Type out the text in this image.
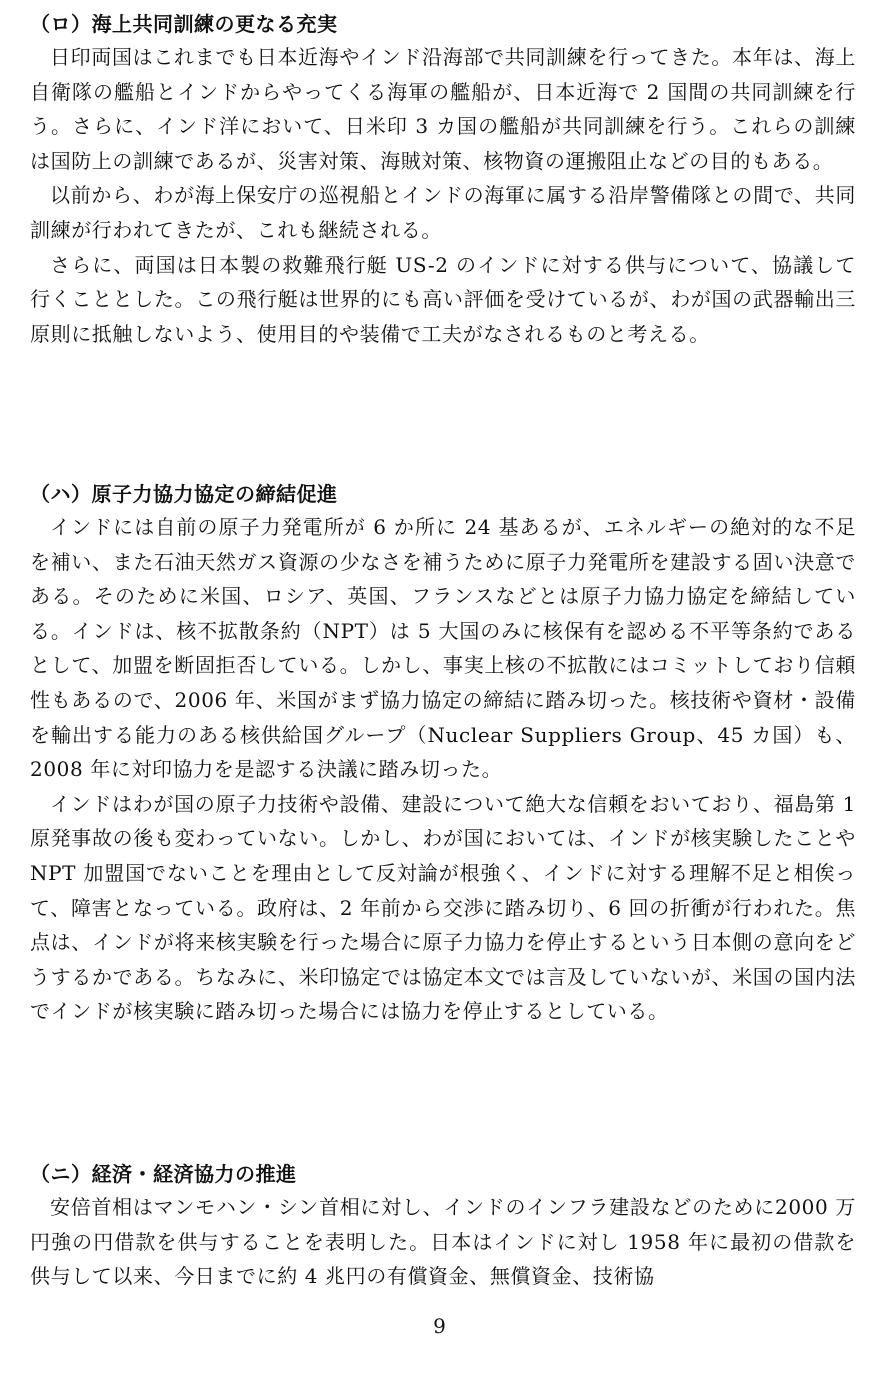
（ロ）海上共同訓練の更なる充実

日印両国はこれまでも日本近海やインド沿海部で共同訓練を行ってきた。本年は、海上自衛隊の艦船とインドからやってくる海軍の艦船が、日本近海で 2 国間の共同訓練を行う。さらに、インド洋において、日米印 3 カ国の艦船が共同訓練を行う。これらの訓練は国防上の訓練であるが、災害対策、海賊対策、核物資の運搬阻止などの目的もある。

以前から、わが海上保安庁の巡視船とインドの海軍に属する沿岸警備隊との間で、共同訓練が行われてきたが、これも継続される。

さらに、両国は日本製の救難飛行艇 US-2 のインドに対する供与について、協議して行くこととした。この飛行艇は世界的にも高い評価を受けているが、わが国の武器輸出三原則に抵触しないよう、使用目的や装備で工夫がなされるものと考える。

（ハ）原子力協力協定の締結促進

インドには自前の原子力発電所が 6 か所に 24 基あるが、エネルギーの絶対的な不足を補い、また石油天然ガス資源の少なさを補うために原子力発電所を建設する固い決意である。そのために米国、ロシア、英国、フランスなどとは原子力協力協定を締結している。インドは、核不拡散条約（NPT）は 5 大国のみに核保有を認める不平等条約であるとして、加盟を断固拒否している。しかし、事実上核の不拡散にはコミットしており信頼性もあるので、2006 年、米国がまず協力協定の締結に踏み切った。核技術や資材・設備を輸出する能力のある核供給国グループ（Nuclear Suppliers Group、45 カ国）も、2008 年に対印協力を是認する決議に踏み切った。

インドはわが国の原子力技術や設備、建設について絶大な信頼をおいており、福島第 1 原発事故の後も変わっていない。しかし、わが国においては、インドが核実験したことや NPT 加盟国でないことを理由として反対論が根強く、インドに対する理解不足と相俟って、障害となっている。政府は、2 年前から交渉に踏み切り、6 回の折衝が行われた。焦点は、インドが将来核実験を行った場合に原子力協力を停止するという日本側の意向をどうするかである。ちなみに、米印協定では協定本文では言及していないが、米国の国内法でインドが核実験に踏み切った場合には協力を停止するとしている。

（ニ）経済・経済協力の推進

安倍首相はマンモハン・シン首相に対し、インドのインフラ建設などのために2000 万円強の円借款を供与することを表明した。日本はインドに対し 1958 年に最初の借款を供与して以来、今日までに約 4 兆円の有償資金、無償資金、技術協

9
